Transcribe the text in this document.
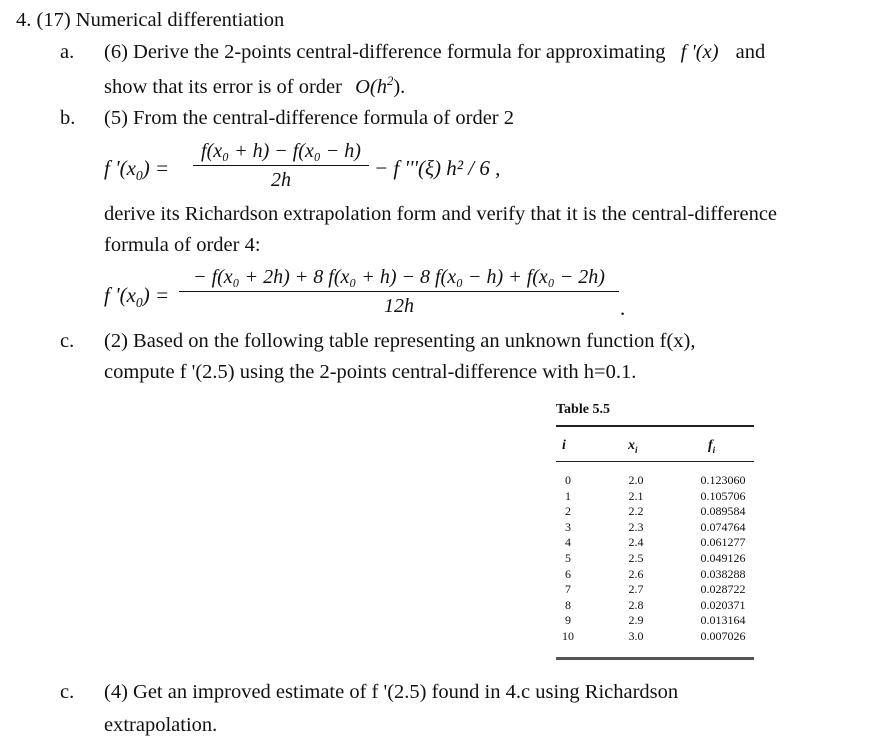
4. (17) Numerical differentiation
a. (6) Derive the 2-points central-difference formula for approximating f '(x) and
show that its error is of order $O(h^2)$.
b. (5) From the central-difference formula of order 2
f '$(x_0) = \frac{\text{f(x₀ + h) − f(x₀ − h)}}{2h} - f$ '''(ξ) h² / 6 ,
derive its Richardson extrapolation form and verify that it is the central-difference
formula of order 4:
f '$(x_0) = \frac{\text{− f(x₀ + 2h) + 8 f(x₀ + h) − 8 f(x₀ − h) + f(x₀ − 2h)}}{12h}$ .
c. (2) Based on the following table representing an unknown function f(x),
compute f '(2.5) using the 2-points central-difference with h=0.1.
Table 5.5
i	$x_i$	$f_i$
0
1
2
3
4
5
6
7
8
9
10
2.0
2.1
2.2
2.3
2.4
2.5
2.6
2.7
2.8
2.9
3.0
0.123060
0.105706
0.089584
0.074764
0.061277
0.049126
0.038288
0.028722
0.020371
0.013164
0.007026
c. (4) Get an improved estimate of f '(2.5) found in 4.c using Richardson
extrapolation.
